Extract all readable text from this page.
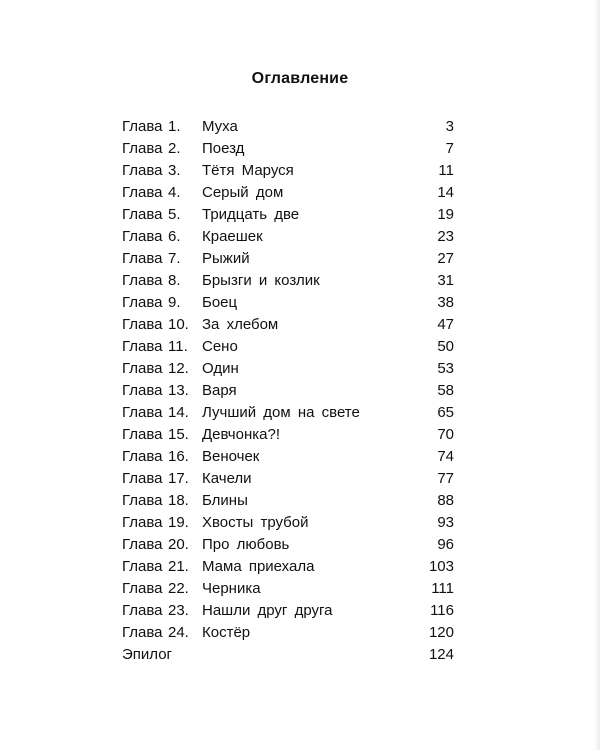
Оглавление
Глава 1.	Муха	3
Глава 2.	Поезд	7
Глава 3.	Тётя Маруся	11
Глава 4.	Серый дом	14
Глава 5.	Тридцать две	19
Глава 6.	Краешек	23
Глава 7.	Рыжий	27
Глава 8.	Брызги и козлик	31
Глава 9.	Боец	38
Глава 10. За хлебом	47
Глава 11. Сено	50
Глава 12. Один	53
Глава 13. Варя	58
Глава 14. Лучший дом на свете	65
Глава 15. Девчонка?!	70
Глава 16. Веночек	74
Глава 17. Качели	77
Глава 18. Блины	88
Глава 19. Хвосты трубой	93
Глава 20. Про любовь	96
Глава 21. Мама приехала	103
Глава 22. Черника	111
Глава 23. Нашли друг друга	116
Глава 24. Костёр	120
Эпилог	124
